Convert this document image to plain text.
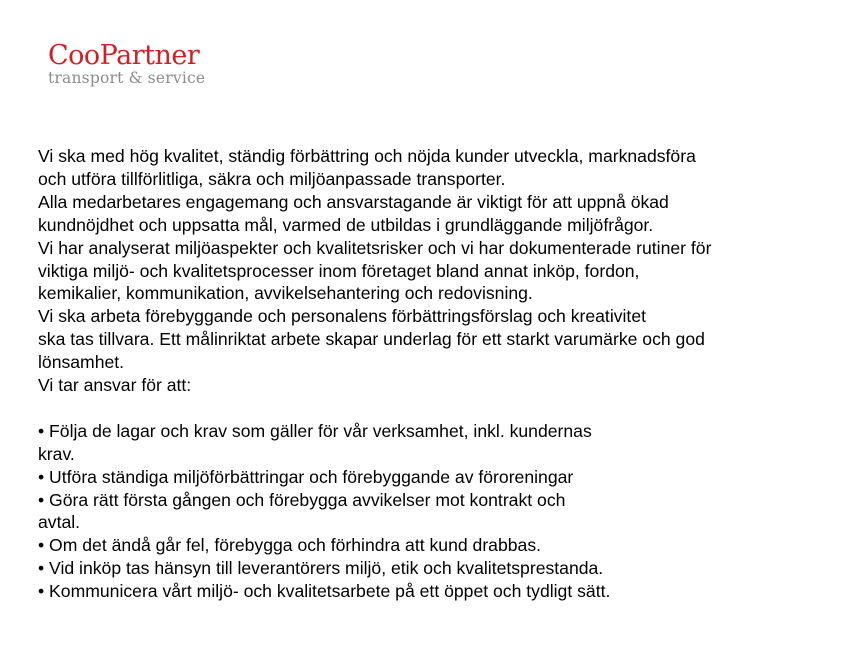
CooPartner
transport & service
Vi ska med hög kvalitet, ständig förbättring och nöjda kunder utveckla, marknadsföra
och utföra tillförlitliga, säkra och miljöanpassade transporter.
Alla medarbetares engagemang och ansvarstagande är viktigt för att uppnå ökad
kundnöjdhet och uppsatta mål, varmed de utbildas i grundläggande miljöfrågor.
Vi har analyserat miljöaspekter och kvalitetsrisker och vi har dokumenterade rutiner för
viktiga miljö- och kvalitetsprocesser inom företaget bland annat inköp, fordon,
kemikalier, kommunikation, avvikelsehantering och redovisning.
Vi ska arbeta förebyggande och personalens förbättringsförslag och kreativitet
ska tas tillvara. Ett målinriktat arbete skapar underlag för ett starkt varumärke och god
lönsamhet.
Vi tar ansvar för att:
• Följa de lagar och krav som gäller för vår verksamhet, inkl. kundernas
krav.
• Utföra ständiga miljöförbättringar och förebyggande av föroreningar
• Göra rätt första gången och förebygga avvikelser mot kontrakt och
avtal.
• Om det ändå går fel, förebygga och förhindra att kund drabbas.
• Vid inköp tas hänsyn till leverantörers miljö, etik och kvalitetsprestanda.
• Kommunicera vårt miljö- och kvalitetsarbete på ett öppet och tydligt sätt.
